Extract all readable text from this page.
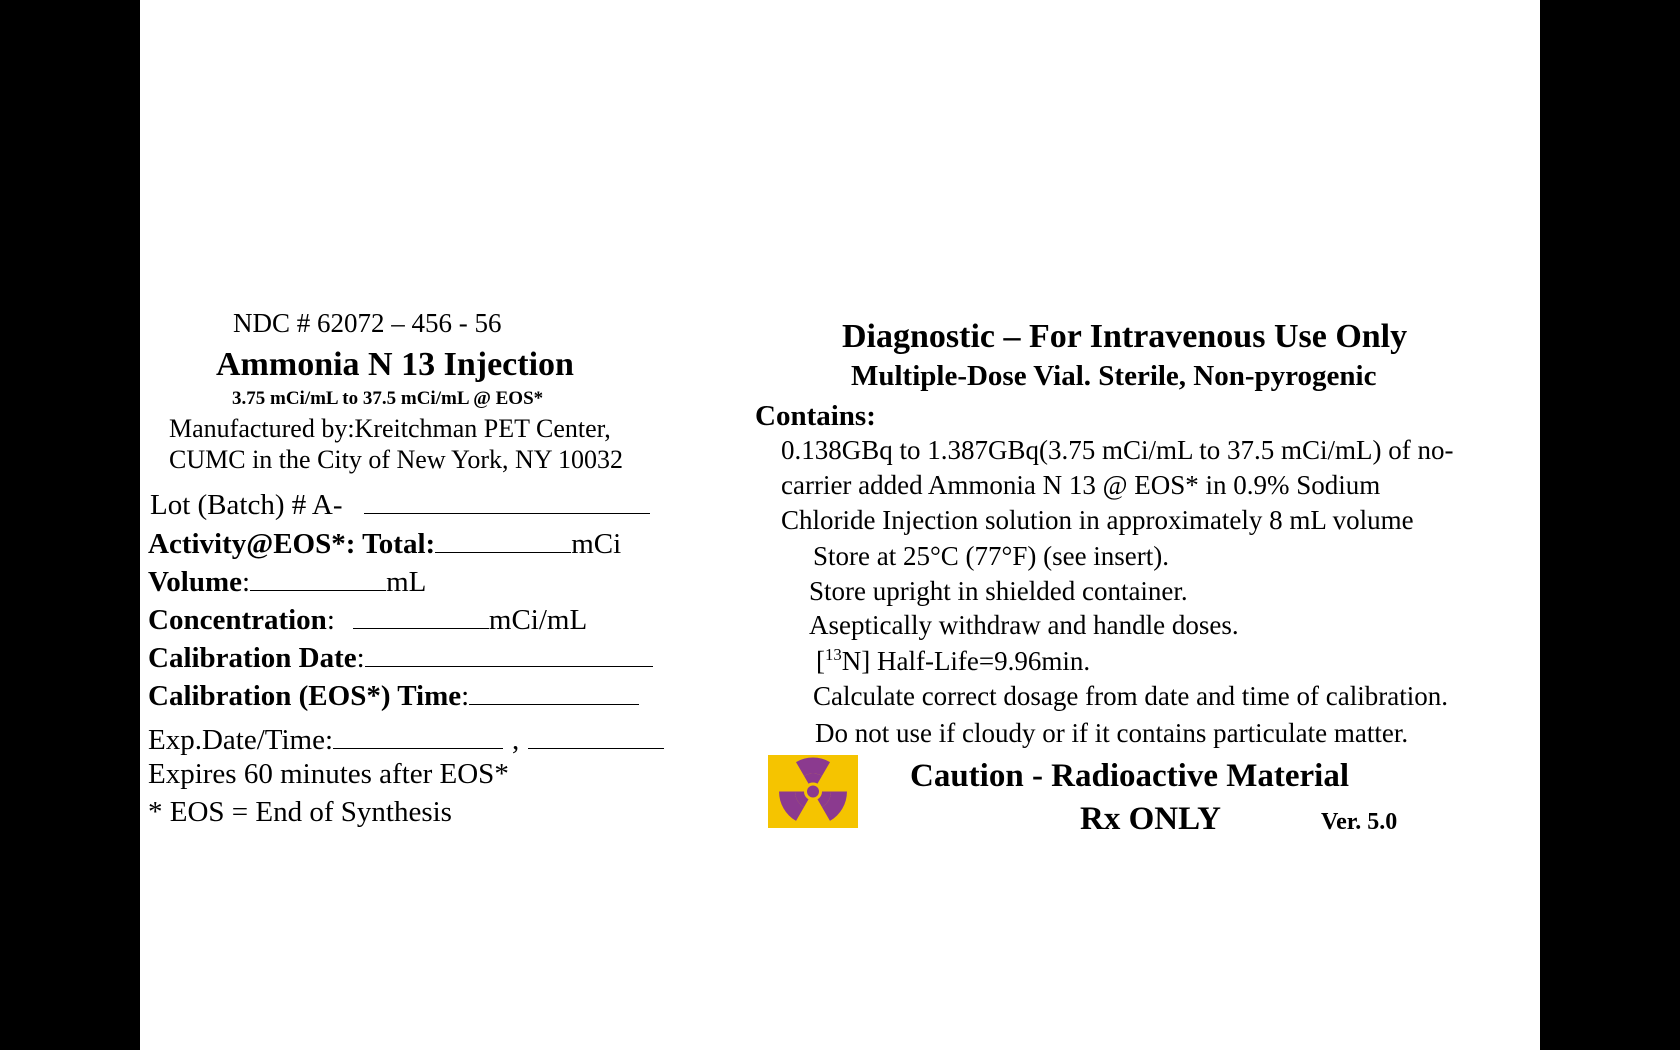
NDC # 62072 – 456 - 56
Ammonia N 13 Injection
3.75 mCi/mL to 37.5 mCi/mL @ EOS*
Manufactured by:Kreitchman PET Center,
CUMC in the City of New York, NY 10032
Lot (Batch) # A-
Activity@EOS*: Total:	mCi
Volume:	mL
Concentration:	mCi/mL
Calibration Date:
Calibration (EOS*) Time:
Exp.Date/Time:	,
Expires 60 minutes after EOS*
* EOS = End of Synthesis
Diagnostic – For Intravenous Use Only
Multiple-Dose Vial. Sterile, Non-pyrogenic
Contains:
0.138GBq to 1.387GBq(3.75 mCi/mL to 37.5 mCi/mL) of no-
carrier added Ammonia N 13 @ EOS* in 0.9% Sodium
Chloride Injection solution in approximately 8 mL volume
Store at 25°C (77°F) (see insert).
Store upright in shielded container.
Aseptically withdraw and handle doses.
[$^{13}$N] Half-Life=9.96min.
Calculate correct dosage from date and time of calibration.
Do not use if cloudy or if it contains particulate matter.
Caution - Radioactive Material
Rx ONLY	Ver. 5.0
